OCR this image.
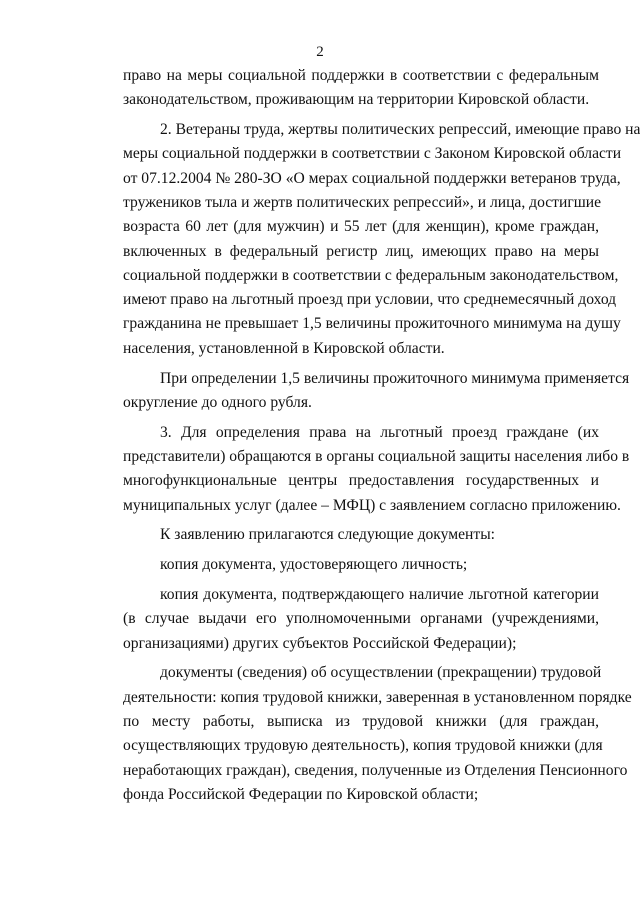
2
право на меры социальной поддержки в соответствии с федеральным
законодательством, проживающим на территории Кировской области.
2. Ветераны труда, жертвы политических репрессий, имеющие право на
меры социальной поддержки в соответствии с Законом Кировской области
от 07.12.2004 № 280-ЗО «О мерах социальной поддержки ветеранов труда,
тружеников тыла и жертв политических репрессий», и лица, достигшие
возраста 60 лет (для мужчин) и 55 лет (для женщин), кроме граждан,
включенных в федеральный регистр лиц, имеющих право на меры
социальной поддержки в соответствии с федеральным законодательством,
имеют право на льготный проезд при условии, что среднемесячный доход
гражданина не превышает 1,5 величины прожиточного минимума на душу
населения, установленной в Кировской области.
При определении 1,5 величины прожиточного минимума применяется
округление до одного рубля.
3. Для определения права на льготный проезд граждане (их
представители) обращаются в органы социальной защиты населения либо в
многофункциональные центры предоставления государственных и
муниципальных услуг (далее – МФЦ) с заявлением согласно приложению.
К заявлению прилагаются следующие документы:
копия документа, удостоверяющего личность;
копия документа, подтверждающего наличие льготной категории
(в случае выдачи его уполномоченными органами (учреждениями,
организациями) других субъектов Российской Федерации);
документы (сведения) об осуществлении (прекращении) трудовой
деятельности: копия трудовой книжки, заверенная в установленном порядке
по месту работы, выписка из трудовой книжки (для граждан,
осуществляющих трудовую деятельность), копия трудовой книжки (для
неработающих граждан), сведения, полученные из Отделения Пенсионного
фонда Российской Федерации по Кировской области;
